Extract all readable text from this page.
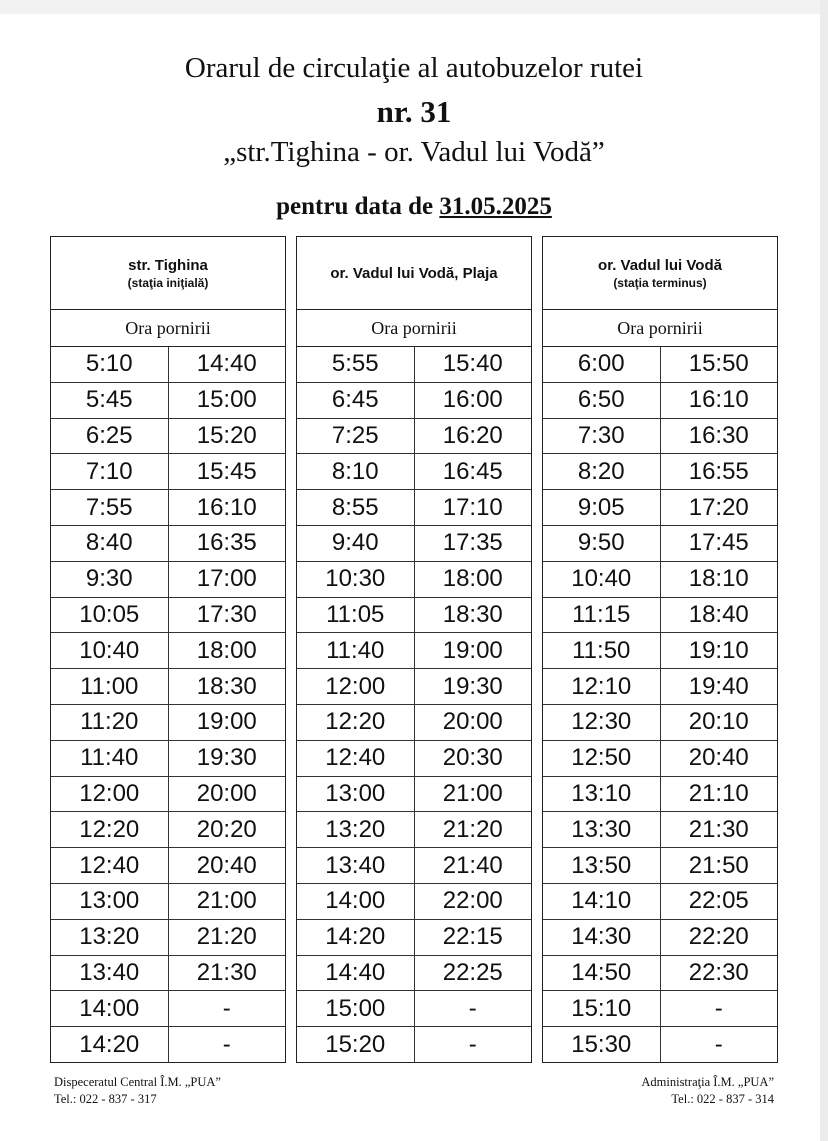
Orarul de circulaţie al autobuzelor rutei
nr. 31
„str.Tighina - or. Vadul lui Vodă”
pentru data de 31.05.2025
str. Tighina
(staţia iniţială)
Ora pornirii
5:10	14:40
5:45	15:00
6:25	15:20
7:10	15:45
7:55	16:10
8:40	16:35
9:30	17:00
10:05	17:30
10:40	18:00
11:00	18:30
11:20	19:00
11:40	19:30
12:00	20:00
12:20	20:20
12:40	20:40
13:00	21:00
13:20	21:20
13:40	21:30
14:00	-
14:20	-
or. Vadul lui Vodă, Plaja
Ora pornirii
5:55	15:40
6:45	16:00
7:25	16:20
8:10	16:45
8:55	17:10
9:40	17:35
10:30	18:00
11:05	18:30
11:40	19:00
12:00	19:30
12:20	20:00
12:40	20:30
13:00	21:00
13:20	21:20
13:40	21:40
14:00	22:00
14:20	22:15
14:40	22:25
15:00	-
15:20	-
or. Vadul lui Vodă
(staţia terminus)
Ora pornirii
6:00	15:50
6:50	16:10
7:30	16:30
8:20	16:55
9:05	17:20
9:50	17:45
10:40	18:10
11:15	18:40
11:50	19:10
12:10	19:40
12:30	20:10
12:50	20:40
13:10	21:10
13:30	21:30
13:50	21:50
14:10	22:05
14:30	22:20
14:50	22:30
15:10	-
15:30	-
Dispeceratul Central Î.M. „PUA”
Tel.: 022 - 837 - 317
Administraţia Î.M. „PUA”
Tel.: 022 - 837 - 314
